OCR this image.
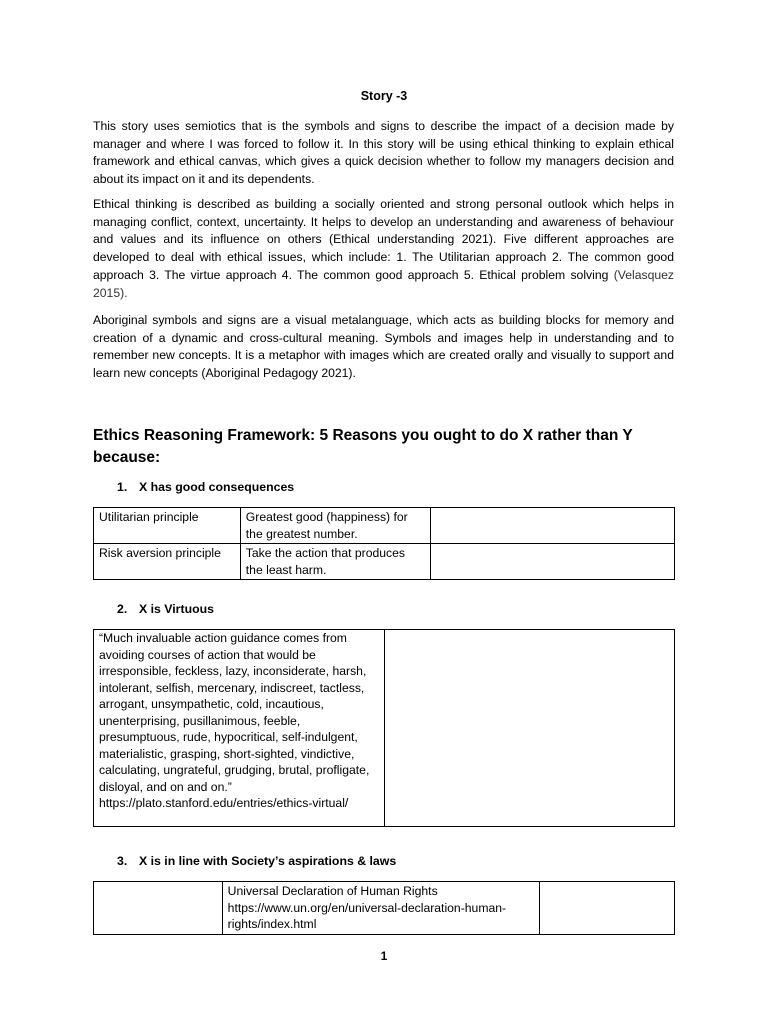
Story -3
This story uses semiotics that is the symbols and signs to describe the impact of a decision made by manager and where I was forced to follow it. In this story will be using ethical thinking to explain ethical framework and ethical canvas, which gives a quick decision whether to follow my managers decision and about its impact on it and its dependents.
Ethical thinking is described as building a socially oriented and strong personal outlook which helps in managing conflict, context, uncertainty. It helps to develop an understanding and awareness of behaviour and values and its influence on others (Ethical understanding 2021). Five different approaches are developed to deal with ethical issues, which include: 1. The Utilitarian approach 2. The common good approach 3. The virtue approach 4. The common good approach 5. Ethical problem solving (Velasquez 2015).
Aboriginal symbols and signs are a visual metalanguage, which acts as building blocks for memory and creation of a dynamic and cross-cultural meaning. Symbols and images help in understanding and to remember new concepts. It is a metaphor with images which are created orally and visually to support and learn new concepts (Aboriginal Pedagogy 2021).
Ethics Reasoning Framework: 5 Reasons you ought to do X rather than Y because:
1. X has good consequences
Utilitarian principle	Greatest good (happiness) for the greatest number.	
Risk aversion principle	Take the action that produces the least harm.	
2. X is Virtuous
“Much invaluable action guidance comes from avoiding courses of action that would be irresponsible, feckless, lazy, inconsiderate, harsh, intolerant, selfish, mercenary, indiscreet, tactless, arrogant, unsympathetic, cold, incautious, unenterprising, pusillanimous, feeble, presumptuous, rude, hypocritical, self-indulgent, materialistic, grasping, short-sighted, vindictive, calculating, ungrateful, grudging, brutal, profligate, disloyal, and on and on.” https://plato.stanford.edu/entries/ethics-virtual/	
3. X is in line with Society’s aspirations & laws
	Universal Declaration of Human Rights https://www.un.org/en/universal-declaration-human-rights/index.html	
1
